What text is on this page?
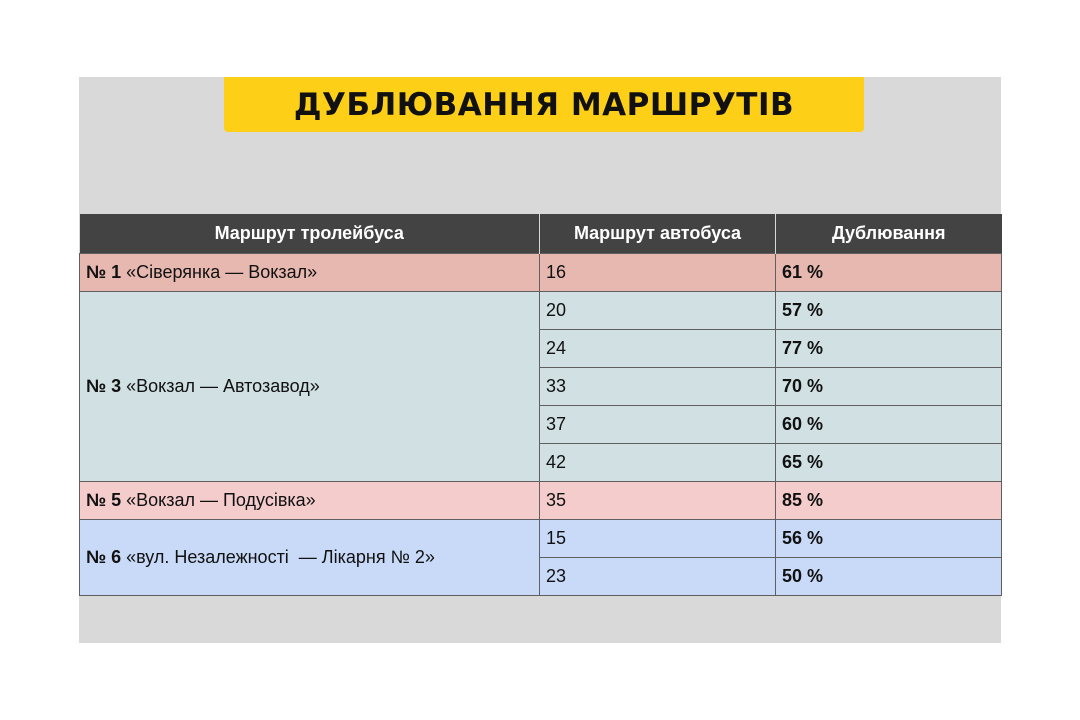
ДУБЛЮВАННЯ МАРШРУТІВ
Маршрут тролейбуса	Маршрут автобуса	Дублювання
№ 1 «Сіверянка — Вокзал»	16	61 %
№ 3 «Вокзал — Автозавод»	20	57 %
	24	77 %
	33	70 %
	37	60 %
	42	65 %
№ 5 «Вокзал — Подусівка»	35	85 %
№ 6 «вул. Незалежності  — Лікарня № 2»	15	56 %
	23	50 %
